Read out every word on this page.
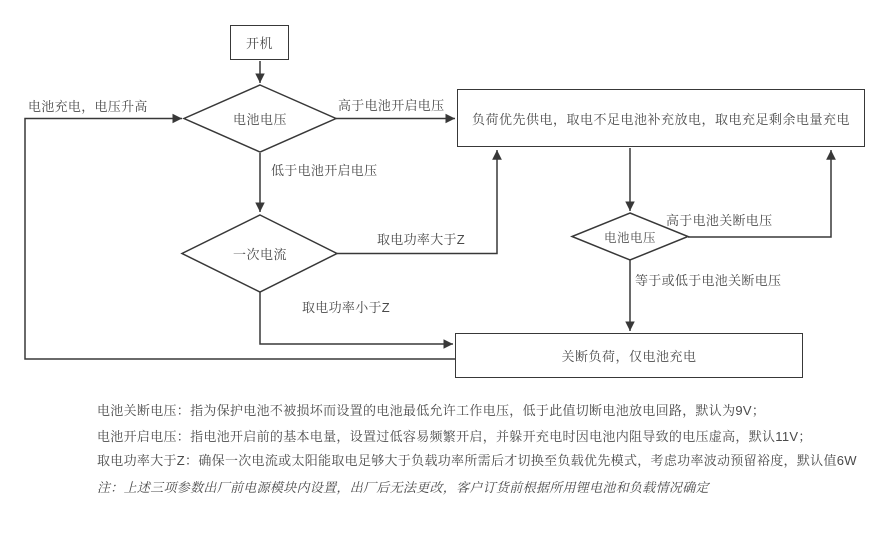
开机
负荷优先供电，取电不足电池补充放电，取电充足剩余电量充电
关断负荷，仅电池充电
电池电压
一次电流
电池电压
电池充电，电压升高	高于电池开启电压
低于电池开启电压
取电功率大于Z
取电功率小于Z
高于电池关断电压
等于或低于电池关断电压
电池关断电压：指为保护电池不被损坏而设置的电池最低允许工作电压，低于此值切断电池放电回路，默认为9V；
电池开启电压：指电池开启前的基本电量，设置过低容易频繁开启，并躲开充电时因电池内阻导致的电压虚高，默认11V；
取电功率大于Z：确保一次电流或太阳能取电足够大于负载功率所需后才切换至负载优先模式，考虑功率波动预留裕度，默认值6W
注：上述三项参数出厂前电源模块内设置，出厂后无法更改，客户订货前根据所用锂电池和负载情况确定
